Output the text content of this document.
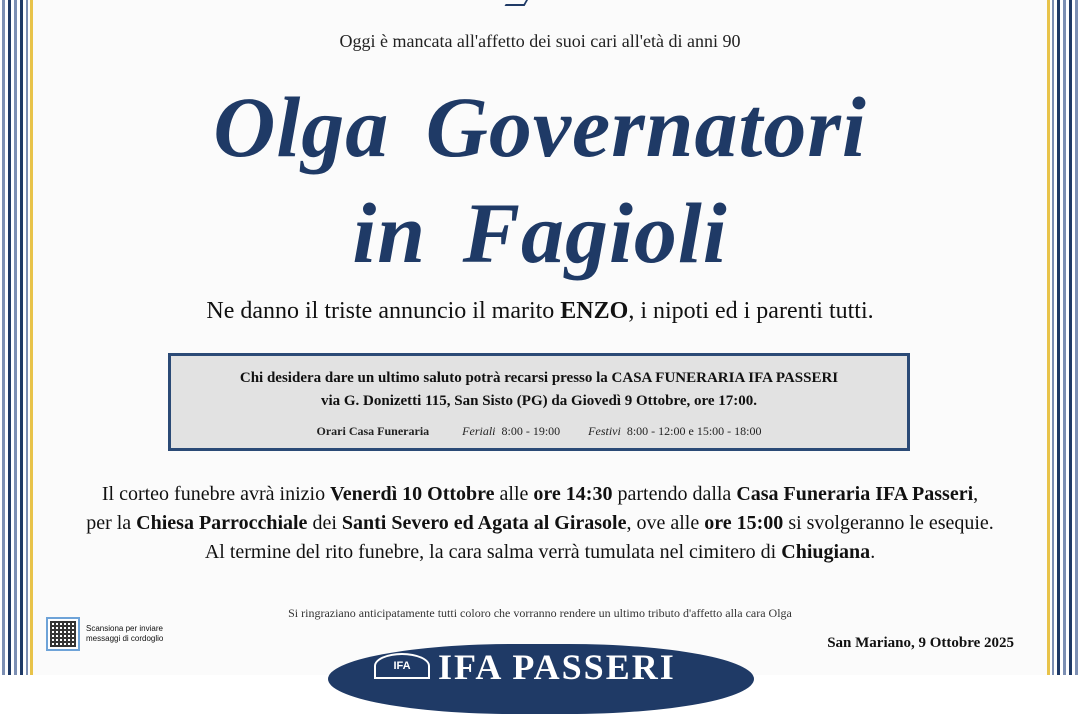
Oggi è mancata all'affetto dei suoi cari all'età di anni 90
Olga Governatori
in Fagioli
Ne danno il triste annuncio il marito ENZO, i nipoti ed i parenti tutti.
Chi desidera dare un ultimo saluto potrà recarsi presso la CASA FUNERARIA IFA PASSERI
via G. Donizetti 115, San Sisto (PG) da Giovedì 9 Ottobre, ore 17:00.
Orari Casa Funeraria	Feriali 8:00 - 19:00 Festivi 8:00 - 12:00 e 15:00 - 18:00
Il corteo funebre avrà inizio Venerdì 10 Ottobre alle ore 14:30 partendo dalla Casa Funeraria IFA Passeri,
per la Chiesa Parrocchiale dei Santi Severo ed Agata al Girasole, ove alle ore 15:00 si svolgeranno le esequie.
Al termine del rito funebre, la cara salma verrà tumulata nel cimitero di Chiugiana.
Si ringraziano anticipatamente tutti coloro che vorranno rendere un ultimo tributo d'affetto alla cara Olga
Scansiona per inviare
messaggi di cordoglio	San Mariano, 9 Ottobre 2025
IFA IFA PASSERI
